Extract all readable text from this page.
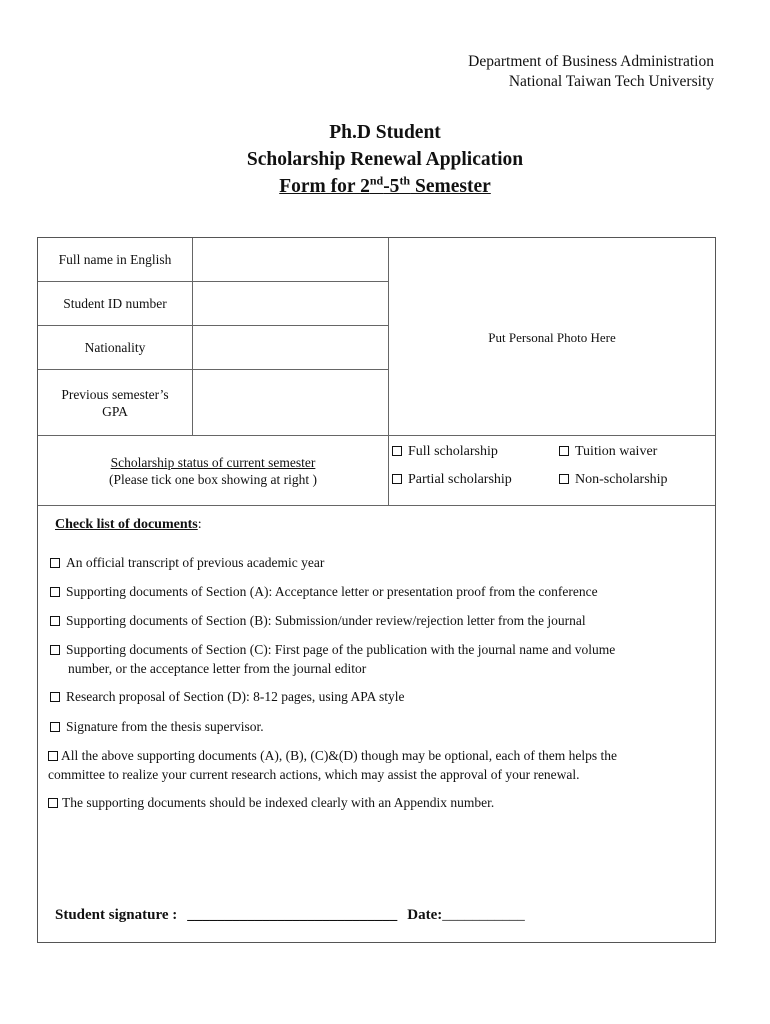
Department of Business Administration
National Taiwan Tech University
Ph.D Student
Scholarship Renewal Application
Form for 2nd-5th Semester
Full name in English
Student ID number
Nationality
Previous semester’s
GPA
Put Personal Photo Here
Scholarship status of current semester
(Please tick one box showing at right )
Full scholarship	Tuition waiver
Partial scholarship	Non-scholarship
Check list of documents:
An official transcript of previous academic year
Supporting documents of Section (A): Acceptance letter or presentation proof from the conference
Supporting documents of Section (B): Submission/under review/rejection letter from the journal
Supporting documents of Section (C): First page of the publication with the journal name and volume
number, or the acceptance letter from the journal editor
Research proposal of Section (D): 8-12 pages, using APA style
Signature from the thesis supervisor.
All the above supporting documents (A), (B), (C)&(D) though may be optional, each of them helps the
committee to realize your current research actions, which may assist the approval of your renewal.
The supporting documents should be indexed clearly with an Appendix number.
Student signature : ____________________________ Date:___________
